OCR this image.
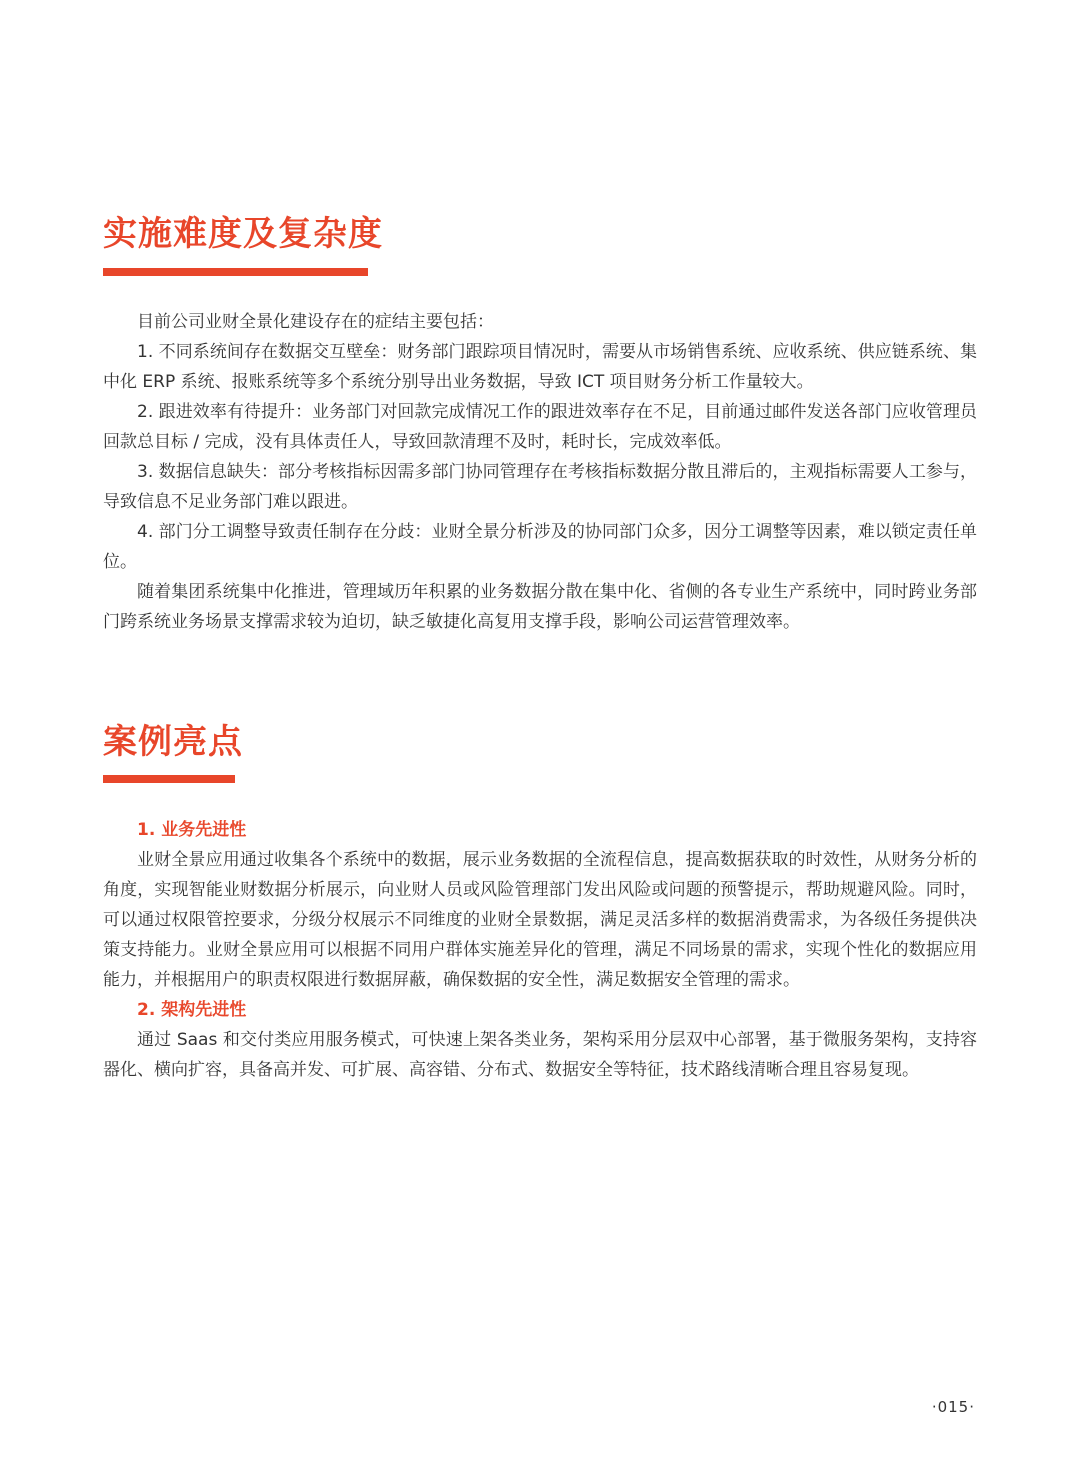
实施难度及复杂度

目前公司业财全景化建设存在的症结主要包括：

1. 不同系统间存在数据交互壁垒：财务部门跟踪项目情况时，需要从市场销售系统、应收系统、供应链系统、集中化 ERP 系统、报账系统等多个系统分别导出业务数据，导致 ICT 项目财务分析工作量较大。

2. 跟进效率有待提升：业务部门对回款完成情况工作的跟进效率存在不足，目前通过邮件发送各部门应收管理员回款总目标 / 完成，没有具体责任人，导致回款清理不及时，耗时长，完成效率低。

3. 数据信息缺失：部分考核指标因需多部门协同管理存在考核指标数据分散且滞后的，主观指标需要人工参与，导致信息不足业务部门难以跟进。

4. 部门分工调整导致责任制存在分歧：业财全景分析涉及的协同部门众多，因分工调整等因素，难以锁定责任单位。

随着集团系统集中化推进，管理域历年积累的业务数据分散在集中化、省侧的各专业生产系统中，同时跨业务部门跨系统业务场景支撑需求较为迫切，缺乏敏捷化高复用支撑手段，影响公司运营管理效率。

案例亮点

1. 业务先进性

业财全景应用通过收集各个系统中的数据，展示业务数据的全流程信息，提高数据获取的时效性，从财务分析的角度，实现智能业财数据分析展示，向业财人员或风险管理部门发出风险或问题的预警提示，帮助规避风险。同时，可以通过权限管控要求，分级分权展示不同维度的业财全景数据，满足灵活多样的数据消费需求，为各级任务提供决策支持能力。业财全景应用可以根据不同用户群体实施差异化的管理，满足不同场景的需求，实现个性化的数据应用能力，并根据用户的职责权限进行数据屏蔽，确保数据的安全性，满足数据安全管理的需求。

2. 架构先进性

通过 Saas 和交付类应用服务模式，可快速上架各类业务，架构采用分层双中心部署，基于微服务架构，支持容器化、横向扩容，具备高并发、可扩展、高容错、分布式、数据安全等特征，技术路线清晰合理且容易复现。

·015·
